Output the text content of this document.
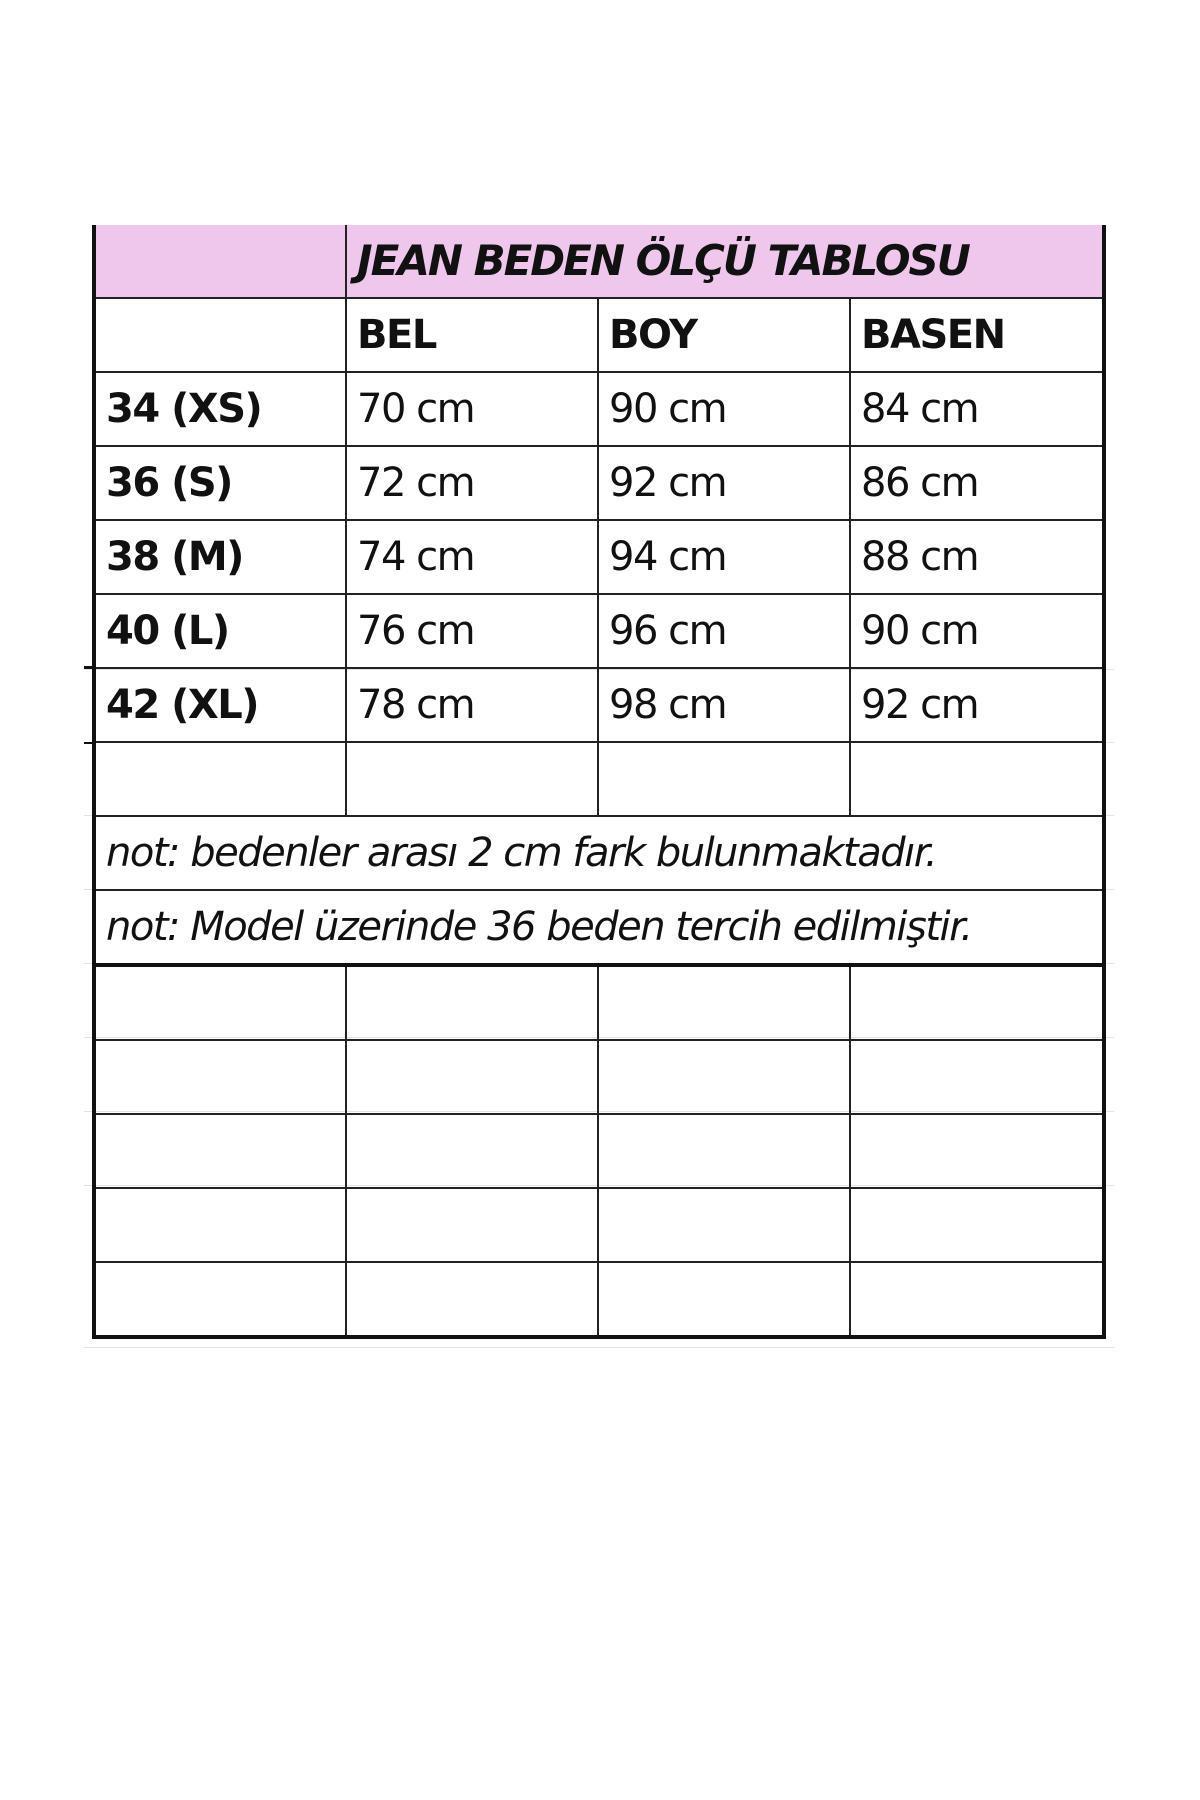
	JEAN BEDEN ÖLÇÜ TABLOSU		
	BEL	BOY	BASEN
34 (XS)	70 cm	90 cm	84 cm
36 (S)	72 cm	92 cm	86 cm
38 (M)	74 cm	94 cm	88 cm
40 (L)	76 cm	96 cm	90 cm
42 (XL)	78 cm	98 cm	92 cm

not: bedenler arası 2 cm fark bulunmaktadır.			
not: Model üzerinde 36 beden tercih edilmiştir.			
